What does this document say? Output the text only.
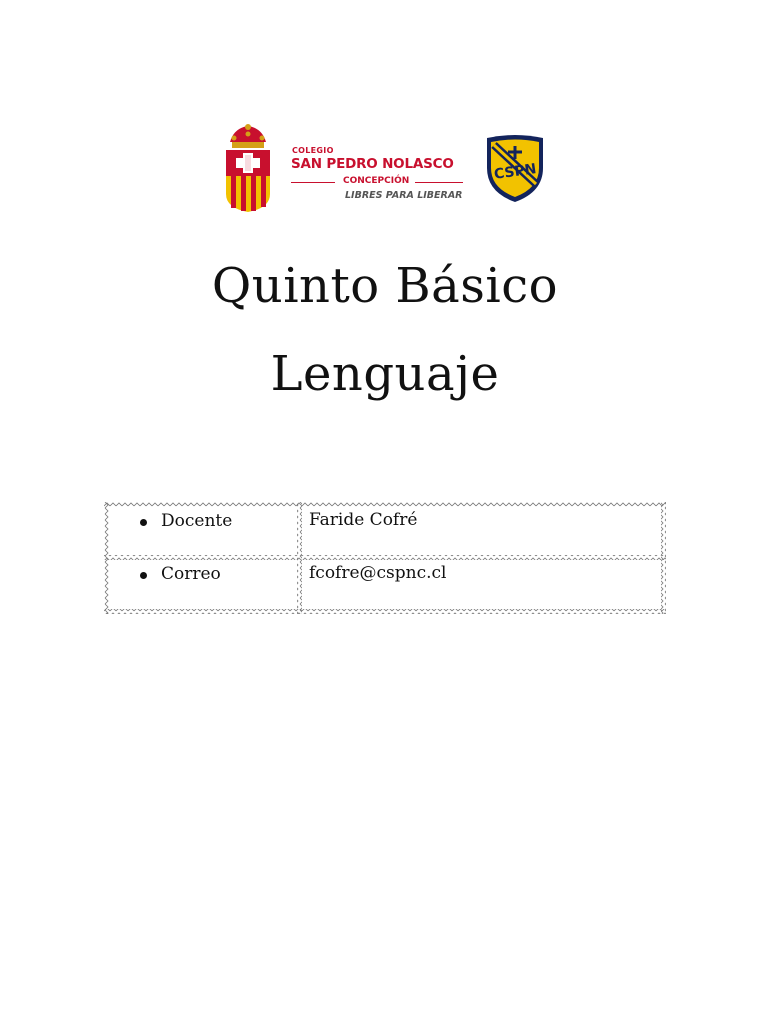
COLEGIO
SAN PEDRO NOLASCO
CONCEPCIÓN
LIBRES PARA LIBERAR
CSPN
Quinto Básico
Lenguaje
Docente	Faride Cofré
Correo	fcofre@cspnc.cl
